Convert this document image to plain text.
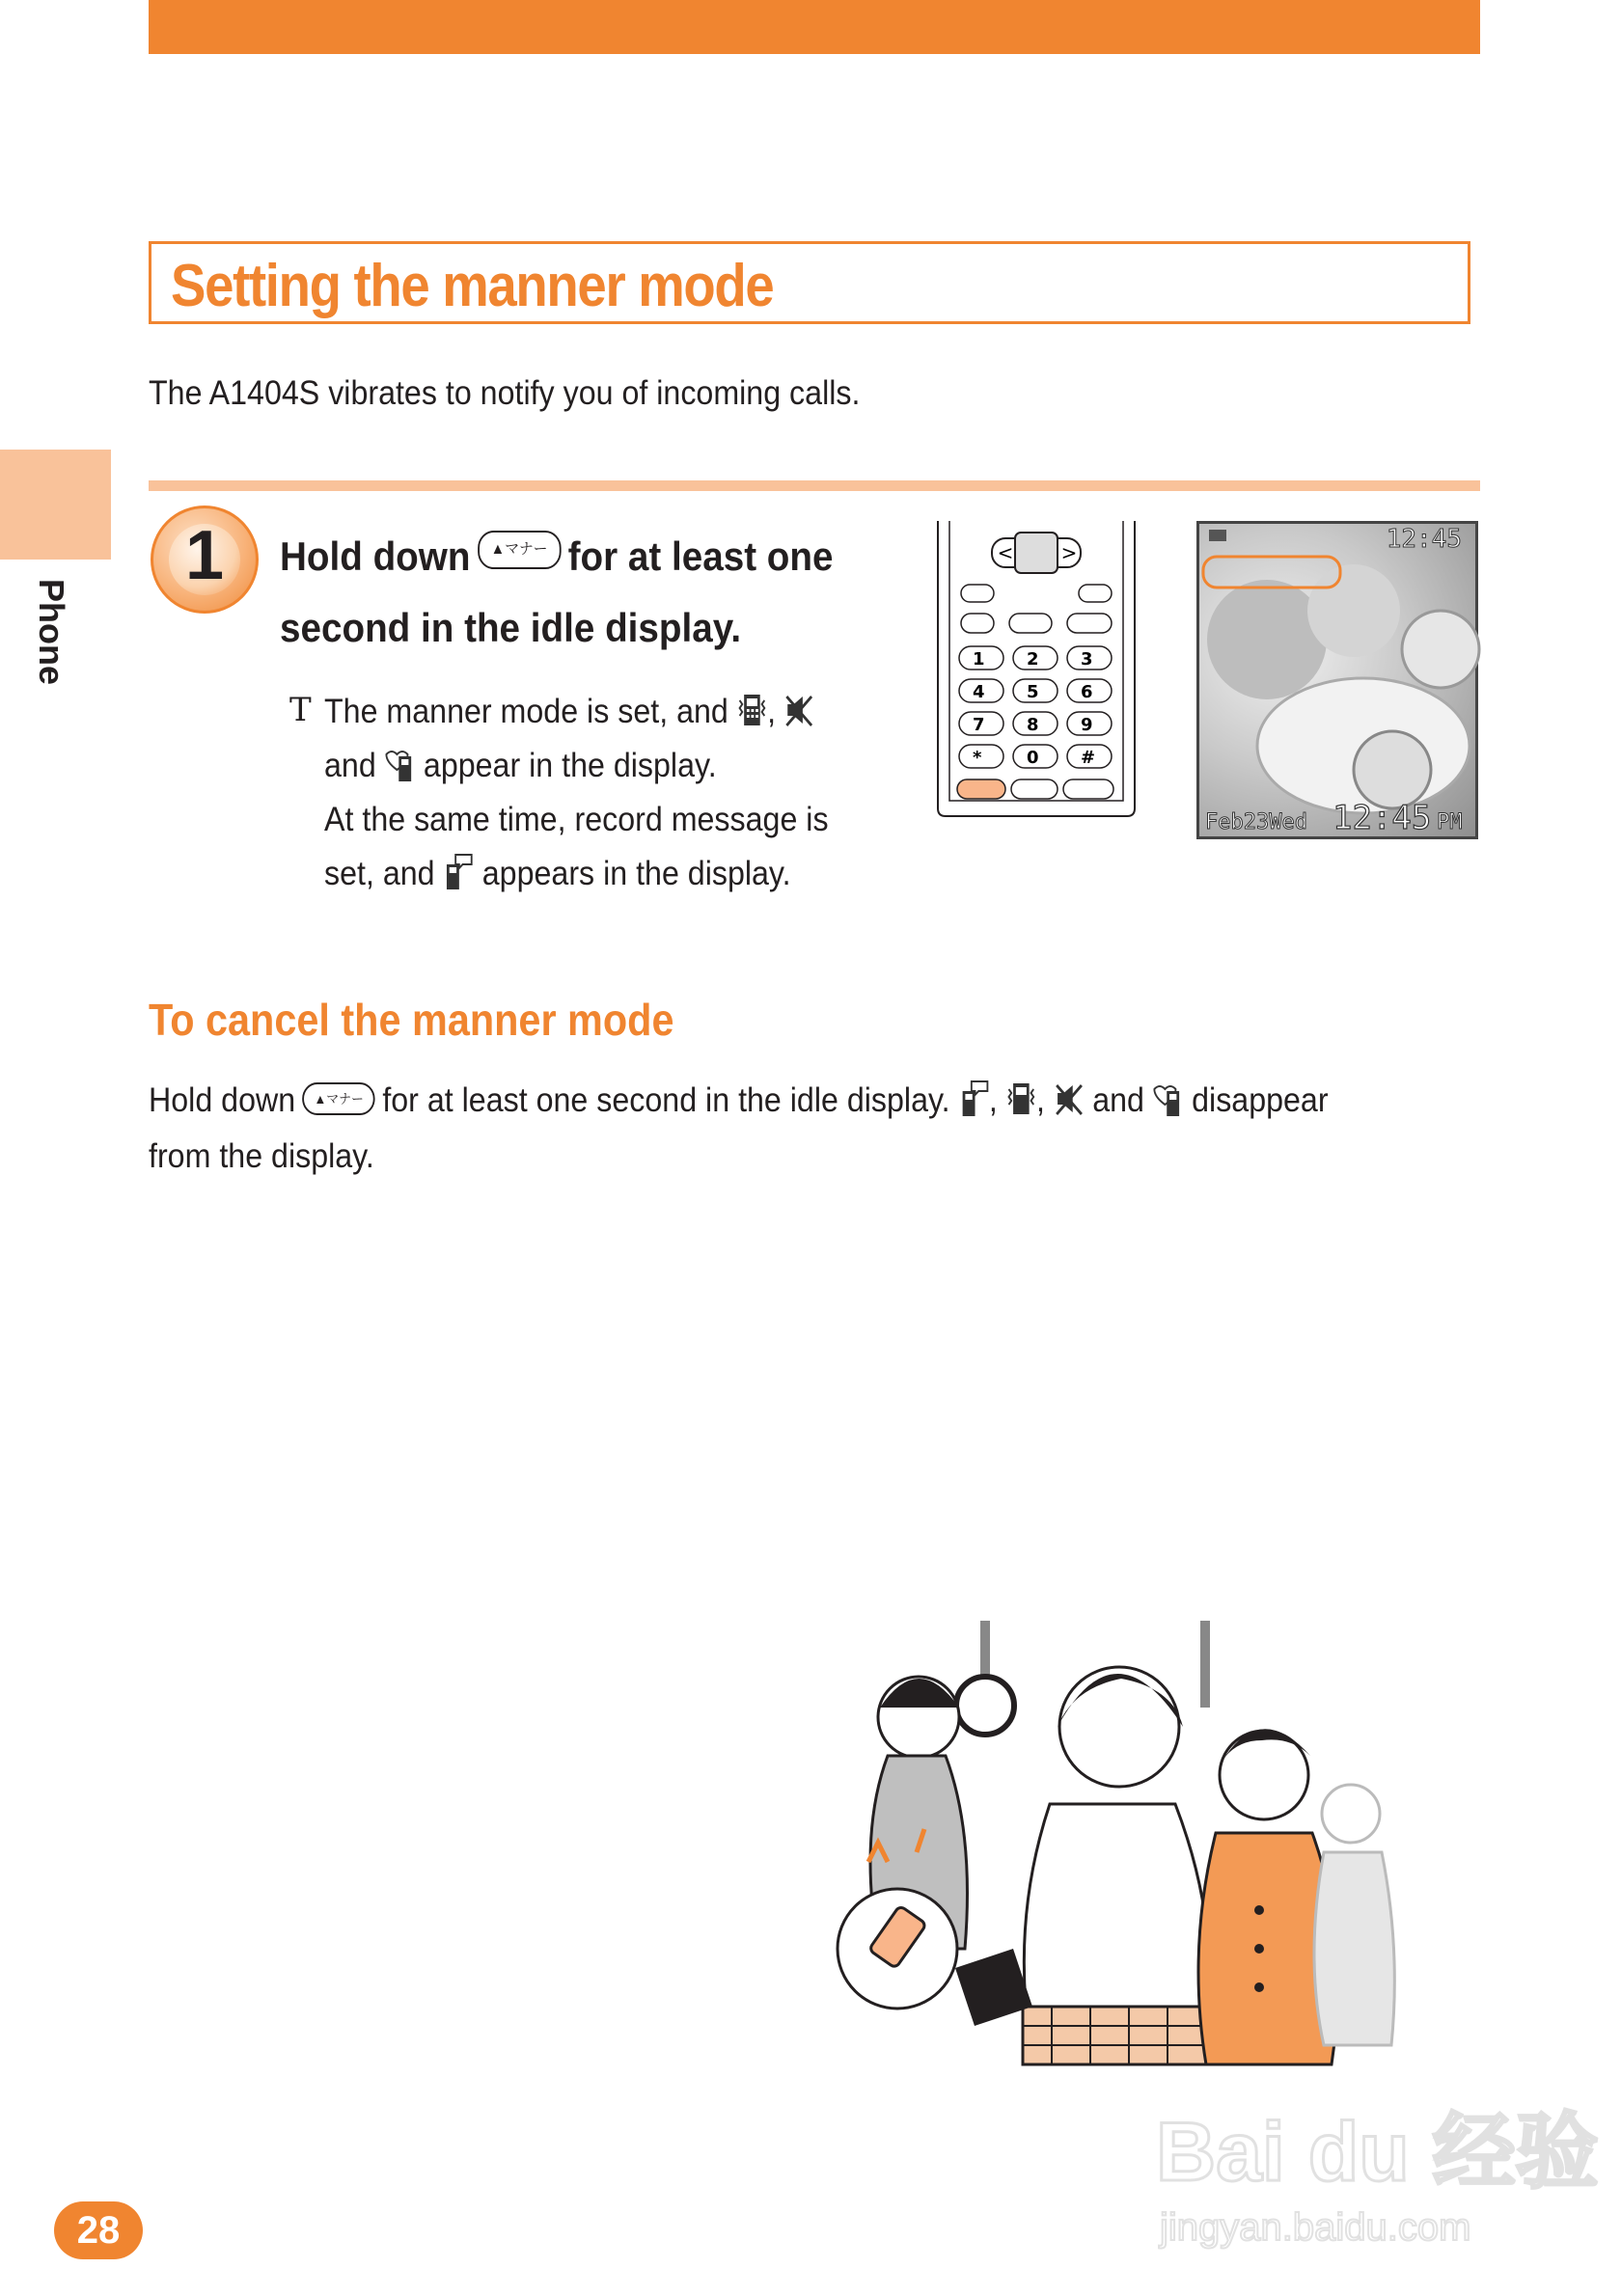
Phone
Setting the manner mode
The A1404S vibrates to notify you of incoming calls.
1	Hold down ▲マナー for at least one second in the idle display.
T The manner mode is set, and ,
and appear in the display.
At the same time, record message is set, and appears in the display.
< >
1 2 3
4 5 6
7 8 9
*	0 #
12:45
Feb23Wed 12:45 PM
To cancel the manner mode
Hold down ▲マナー for at least one second in the idle display. , , and disappear from the display.
28
Bai du 经验
jingyan.baidu.com
